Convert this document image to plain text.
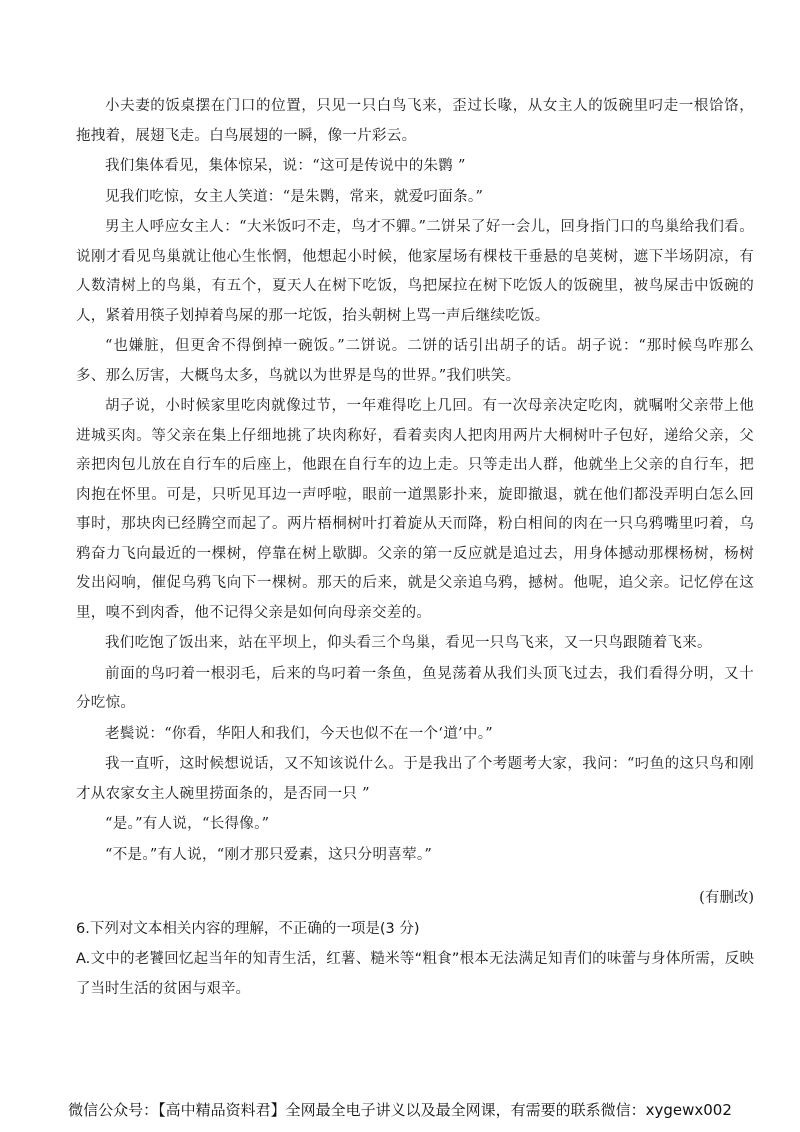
小夫妻的饭桌摆在门口的位置，只见一只白鸟飞来，歪过长喙，从女主人的饭碗里叼走一根饸饹，拖拽着，展翅飞走。白鸟展翅的一瞬，像一片彩云。

我们集体看见，集体惊呆，说：“这可是传说中的朱鹮 ”

见我们吃惊，女主人笑道：“是朱鹮，常来，就爱叼面条。”

男主人呼应女主人：“大米饭叼不走，鸟才不軃。”二饼呆了好一会儿，回身指门口的鸟巢给我们看。说刚才看见鸟巢就让他心生怅惘，他想起小时候，他家屋场有棵枝干垂悬的皂荚树，遮下半场阴凉，有人数清树上的鸟巢，有五个，夏天人在树下吃饭，鸟把屎拉在树下吃饭人的饭碗里，被鸟屎击中饭碗的人，紧着用筷子划掉着鸟屎的那一坨饭，抬头朝树上骂一声后继续吃饭。

“也嫌脏，但更舍不得倒掉一碗饭。”二饼说。二饼的话引出胡子的话。胡子说：“那时候鸟咋那么多、那么厉害，大概鸟太多，鸟就以为世界是鸟的世界。”我们哄笑。

胡子说，小时候家里吃肉就像过节，一年难得吃上几回。有一次母亲决定吃肉，就嘱咐父亲带上他进城买肉。等父亲在集上仔细地挑了块肉称好，看着卖肉人把肉用两片大桐树叶子包好，递给父亲，父亲把肉包儿放在自行车的后座上，他跟在自行车的边上走。只等走出人群，他就坐上父亲的自行车，把肉抱在怀里。可是，只听见耳边一声呼啦，眼前一道黑影扑来，旋即撤退，就在他们都没弄明白怎么回事时，那块肉已经腾空而起了。两片梧桐树叶打着旋从天而降，粉白相间的肉在一只乌鸦嘴里叼着，乌鸦奋力飞向最近的一棵树，停靠在树上歇脚。父亲的第一反应就是追过去，用身体撼动那棵杨树，杨树发出闷响，催促乌鸦飞向下一棵树。那天的后来，就是父亲追乌鸦，撼树。他呢，追父亲。记忆停在这里，嗅不到肉香，他不记得父亲是如何向母亲交差的。

我们吃饱了饭出来，站在平坝上，仰头看三个鸟巢，看见一只鸟飞来，又一只鸟跟随着飞来。

前面的鸟叼着一根羽毛，后来的鸟叼着一条鱼，鱼晃荡着从我们头顶飞过去，我们看得分明，又十分吃惊。

老鬓说：“你看，华阳人和我们，今天也似不在一个‘道’中。”

我一直听，这时候想说话，又不知该说什么。于是我出了个考题考大家，我问：“叼鱼的这只鸟和刚才从农家女主人碗里捞面条的，是否同一只 ”

“是。”有人说，“长得像。”

“不是。”有人说，“刚才那只爱素，这只分明喜荤。”

(有删改)

6.下列对文本相关内容的理解，不正确的一项是(3 分)

A.文中的老饕回忆起当年的知青生活，红薯、糙米等“粗食”根本无法满足知青们的味蕾与身体所需，反映了当时生活的贫困与艰辛。

微信公众号：【高中精品资料君】全网最全电子讲义以及最全网课，有需要的联系微信：xygewx002
